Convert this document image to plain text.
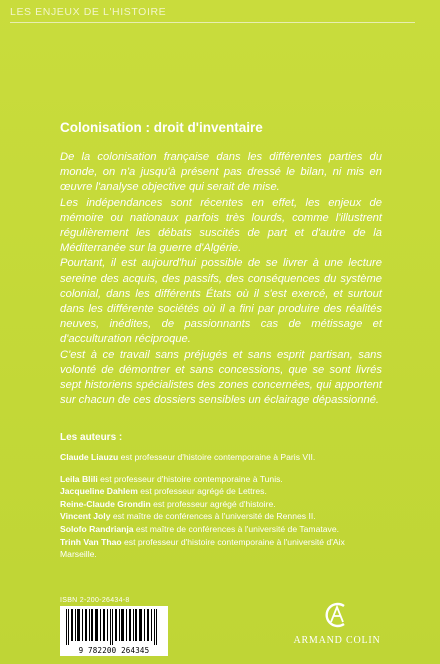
LES ENJEUX DE L'HISTOIRE
Colonisation : droit d'inventaire

De la colonisation française dans les différentes parties du monde, on n'a jusqu'à présent pas dressé le bilan, ni mis en œuvre l'analyse objective qui serait de mise.

Les indépendances sont récentes en effet, les enjeux de mémoire ou nationaux parfois très lourds, comme l'illustrent régulièrement les débats suscités de part et d'autre de la Méditerranée sur la guerre d'Algérie.

Pourtant, il est aujourd'hui possible de se livrer à une lecture sereine des acquis, des passifs, des conséquences du système colonial, dans les différents États où il s'est exercé, et surtout dans les différente sociétés où il a fini par produire des réalités neuves, inédites, de passionnants cas de métissage et d'acculturation réciproque.

C'est à ce travail sans préjugés et sans esprit partisan, sans volonté de démontrer et sans concessions, que se sont livrés sept historiens spécialistes des zones concernées, qui apportent sur chacun de ces dossiers sensibles un éclairage dépassionné.

Les auteurs :

Claude Liauzu est professeur d'histoire contemporaine à Paris VII.

Leila Blili est professeur d'histoire contemporaine à Tunis.

Jacqueline Dahlem est professeur agrégé de Lettres.

Reine-Claude Grondin est professeur agrégé d'histoire.

Vincent Joly est maître de conférences à l'université de Rennes II.

Solofo Randrianja est maître de conférences à l'université de Tamatave.

Trinh Van Thao est professeur d'histoire contemporaine à l'université d'Aix Marseille.

ISBN 2-200-26434-8
9 782200 264345
ARMAND COLIN
